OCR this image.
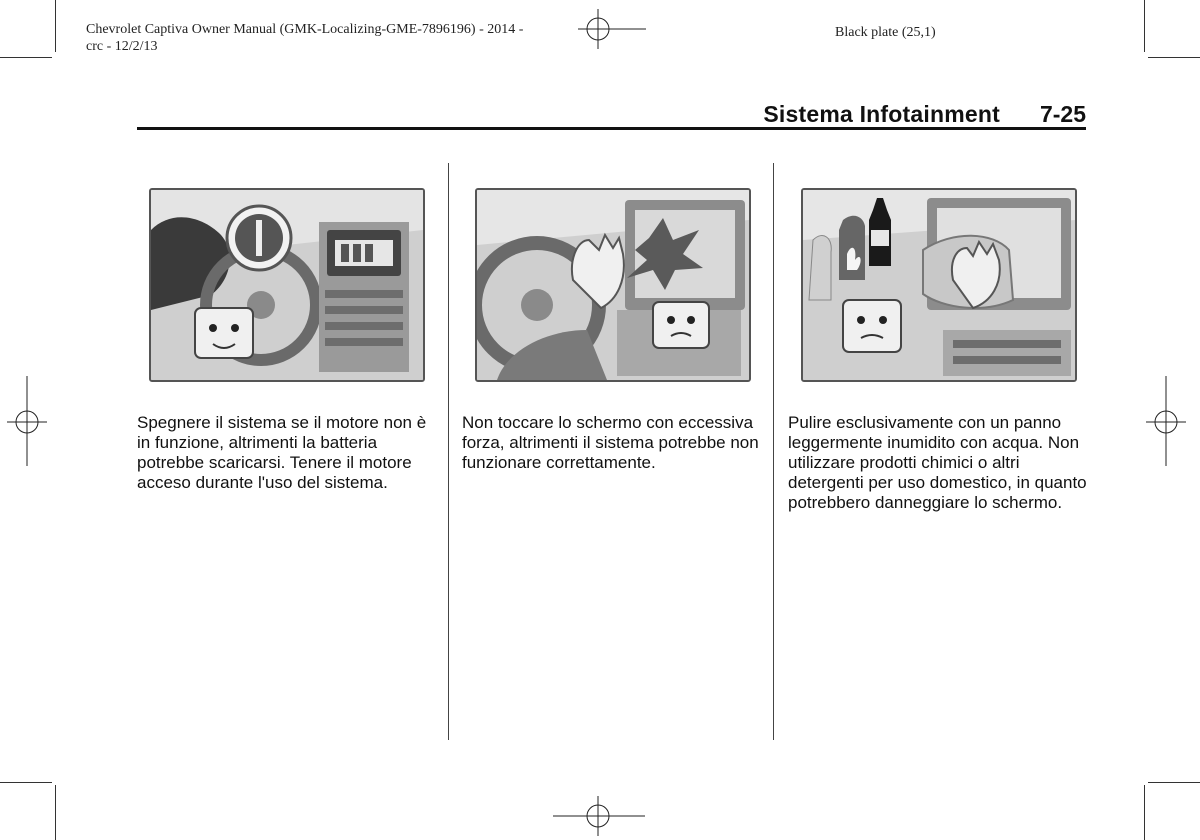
Chevrolet Captiva Owner Manual (GMK-Localizing-GME-7896196) - 2014 -
crc - 12/2/13
Black plate (25,1)
Sistema Infotainment 7-25
Spegnere il sistema se il motore non è in funzione, altrimenti la batteria potrebbe scaricarsi. Tenere il motore acceso durante l'uso del sistema.
Non toccare lo schermo con eccessiva forza, altrimenti il sistema potrebbe non funzionare correttamente.
Pulire esclusivamente con un panno leggermente inumidito con acqua. Non utilizzare prodotti chimici o altri detergenti per uso domestico, in quanto potrebbero danneggiare lo schermo.
